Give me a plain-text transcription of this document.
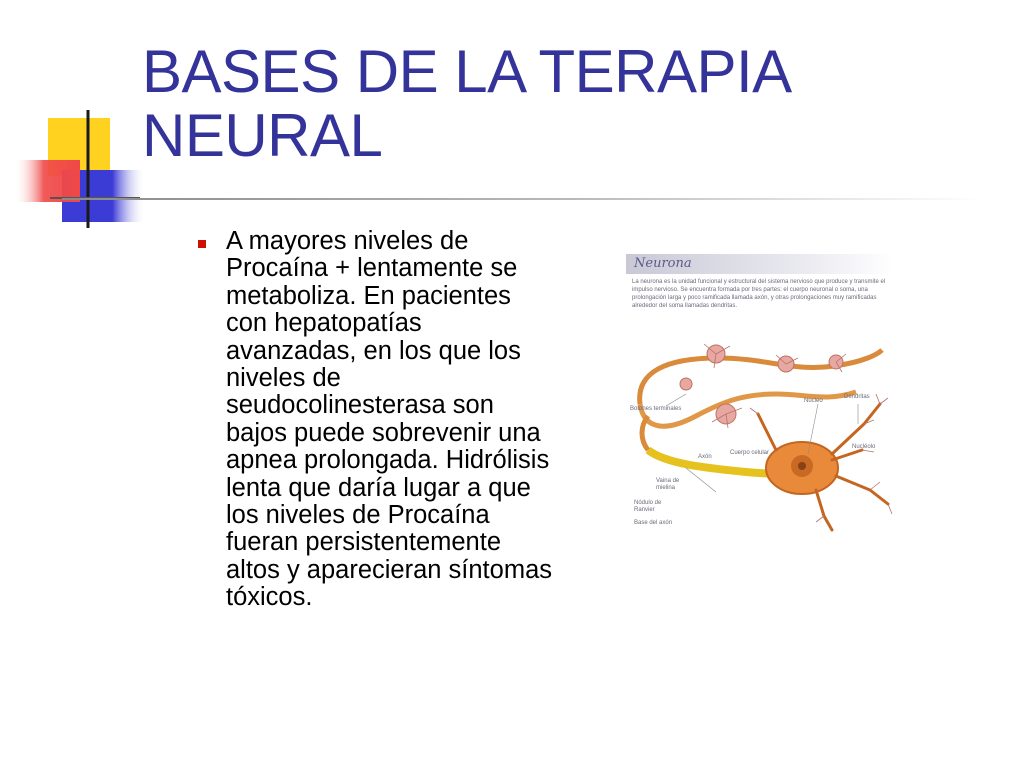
BASES DE LA TERAPIA
NEURAL
A mayores niveles de Procaína + lentamente se metaboliza. En pacientes con hepatopatías avanzadas, en los que los niveles de seudocolinesterasa son bajos puede sobrevenir una apnea prolongada. Hidrólisis lenta que daría lugar a que los niveles de Procaína fueran persistentemente altos y aparecieran síntomas tóxicos.
Neurona
La neurona es la unidad funcional y estructural del sistema nervioso que produce y transmite el impulso nervioso. Se encuentra formada por tres partes: el cuerpo neuronal o soma, una prolongación larga y poco ramificada llamada axón, y otras prolongaciones muy ramificadas alrededor del soma llamadas dendritas.
Botones terminales
Núcleo
Dendritas
Axón
Cuerpo celular
Nucléolo
Vaina de mielina
Nódulo de Ranvier
Base del axón
